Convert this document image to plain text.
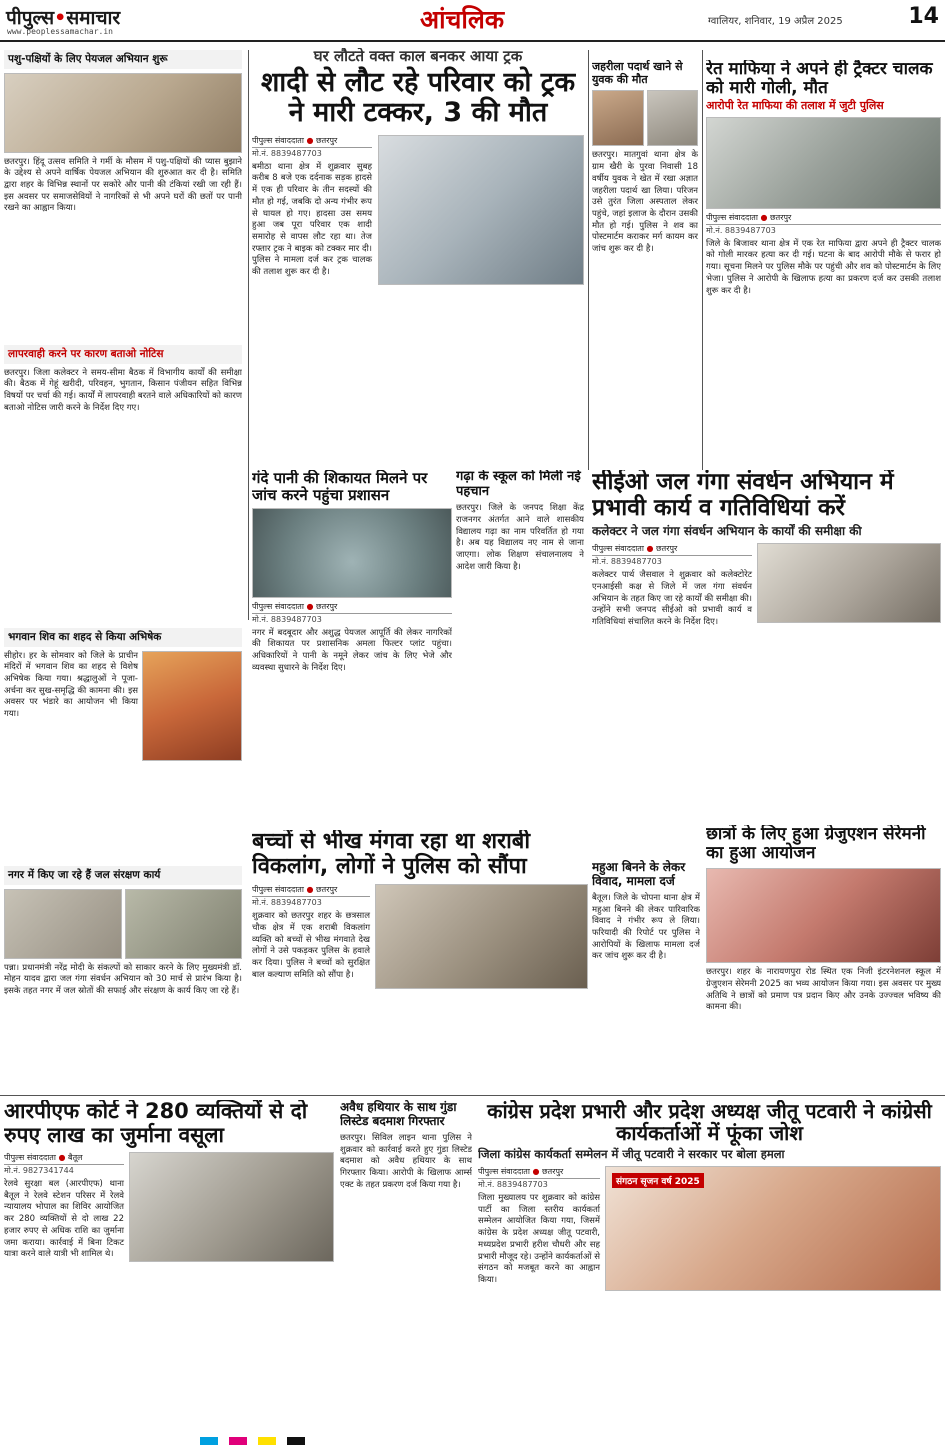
पीपुल्स•समाचार
www.peoplessamachar.in	आंचलिक	ग्वालियर, शनिवार, 19 अप्रैल 2025	14
पशु-पक्षियों के लिए पेयजल अभियान शुरू
छतरपुर। हिंदू उत्सव समिति ने गर्मी के मौसम में पशु-पक्षियों की प्यास बुझाने के उद्देश्य से अपने वार्षिक पेयजल अभियान की शुरुआत कर दी है। समिति द्वारा शहर के विभिन्न स्थानों पर सकोरे और पानी की टंकियां रखी जा रही हैं। इस अवसर पर समाजसेवियों ने नागरिकों से भी अपने घरों की छतों पर पानी रखने का आह्वान किया।
लापरवाही करने पर कारण बताओ नोटिस
छतरपुर। जिला कलेक्टर ने समय-सीमा बैठक में विभागीय कार्यों की समीक्षा की। बैठक में गेहूं खरीदी, परिवहन, भुगतान, किसान पंजीयन सहित विभिन्न विषयों पर चर्चा की गई। कार्यों में लापरवाही बरतने वाले अधिकारियों को कारण बताओ नोटिस जारी करने के निर्देश दिए गए।
भगवान शिव का शहद से किया अभिषेक
सीहोर। हर के सोमवार को जिले के प्राचीन मंदिरों में भगवान शिव का शहद से विशेष अभिषेक किया गया। श्रद्धालुओं ने पूजा-अर्चना कर सुख-समृद्धि की कामना की। इस अवसर पर भंडारे का आयोजन भी किया गया।
नगर में किए जा रहे हैं जल संरक्षण कार्य
पन्ना। प्रधानमंत्री नरेंद्र मोदी के संकल्पों को साकार करने के लिए मुख्यमंत्री डॉ. मोहन यादव द्वारा जल गंगा संवर्धन अभियान को 30 मार्च से प्रारंभ किया है। इसके तहत नगर में जल स्रोतों की सफाई और संरक्षण के कार्य किए जा रहे हैं।
घर लौटते वक्त काल बनकर आया ट्रक
शादी से लौट रहे परिवार को ट्रक ने मारी टक्कर, 3 की मौत
पीपुल्स संवाददाता ● छतरपुर
मो.नं. 8839487703
बमीठा थाना क्षेत्र में शुक्रवार सुबह करीब 8 बजे एक दर्दनाक सड़क हादसे में एक ही परिवार के तीन सदस्यों की मौत हो गई, जबकि दो अन्य गंभीर रूप से घायल हो गए। हादसा उस समय हुआ जब पूरा परिवार एक शादी समारोह से वापस लौट रहा था। तेज रफ्तार ट्रक ने बाइक को टक्कर मार दी। पुलिस ने मामला दर्ज कर ट्रक चालक की तलाश शुरू कर दी है।
जहरीला पदार्थ खाने से युवक की मौत
छतरपुर। मातगुवां थाना क्षेत्र के ग्राम खैरी के पुरवा निवासी 18 वर्षीय युवक ने खेत में रखा अज्ञात जहरीला पदार्थ खा लिया। परिजन उसे तुरंत जिला अस्पताल लेकर पहुंचे, जहां इलाज के दौरान उसकी मौत हो गई। पुलिस ने शव का पोस्टमार्टम कराकर मर्ग कायम कर जांच शुरू कर दी है।
रेत माफिया ने अपने ही ट्रैक्टर चालक को मारी गोली, मौत
आरोपी रेत माफिया की तलाश में जुटी पुलिस
पीपुल्स संवाददाता ● छतरपुर
मो.नं. 8839487703
जिले के बिजावर थाना क्षेत्र में एक रेत माफिया द्वारा अपने ही ट्रैक्टर चालक को गोली मारकर हत्या कर दी गई। घटना के बाद आरोपी मौके से फरार हो गया। सूचना मिलने पर पुलिस मौके पर पहुंची और शव को पोस्टमार्टम के लिए भेजा। पुलिस ने आरोपी के खिलाफ हत्या का प्रकरण दर्ज कर उसकी तलाश शुरू कर दी है।
गंदे पानी की शिकायत मिलने पर जांच करने पहुंचा प्रशासन
पीपुल्स संवाददाता ● छतरपुर
मो.नं. 8839487703
नगर में बदबूदार और अशुद्ध पेयजल आपूर्ति की लेकर नागरिकों की शिकायत पर प्रशासनिक अमला फिल्टर प्लांट पहुंचा। अधिकारियों ने पानी के नमूने लेकर जांच के लिए भेजे और व्यवस्था सुधारने के निर्देश दिए।
गढ़ा के स्कूल को मिली नई पहचान
छतरपुर। जिले के जनपद शिक्षा केंद्र राजनगर अंतर्गत आने वाले शासकीय विद्यालय गढ़ा का नाम परिवर्तित हो गया है। अब यह विद्यालय नए नाम से जाना जाएगा। लोक शिक्षण संचालनालय ने आदेश जारी किया है।
सीईओ जल गंगा संवर्धन अभियान में प्रभावी कार्य व गतिविधियां करें
कलेक्टर ने जल गंगा संवर्धन अभियान के कार्यों की समीक्षा की
पीपुल्स संवाददाता ● छतरपुर
मो.नं. 8839487703
कलेक्टर पार्थ जैसवाल ने शुक्रवार को कलेक्टोरेट एनआईसी कक्ष से जिले में जल गंगा संवर्धन अभियान के तहत किए जा रहे कार्यों की समीक्षा की। उन्होंने सभी जनपद सीईओ को प्रभावी कार्य व गतिविधियां संचालित करने के निर्देश दिए।
बच्चों से भीख मंगवा रहा था शराबी विकलांग, लोगों ने पुलिस को सौंपा
पीपुल्स संवाददाता ● छतरपुर
मो.नं. 8839487703
शुक्रवार को छतरपुर शहर के छत्रसाल चौक क्षेत्र में एक शराबी विकलांग व्यक्ति को बच्चों से भीख मंगवाते देख लोगों ने उसे पकड़कर पुलिस के हवाले कर दिया। पुलिस ने बच्चों को सुरक्षित बाल कल्याण समिति को सौंपा है।
महुआ बिनने के लेकर विवाद, मामला दर्ज
बैतूल। जिले के चोपना थाना क्षेत्र में महुआ बिनने की लेकर पारिवारिक विवाद ने गंभीर रूप ले लिया। फरियादी की रिपोर्ट पर पुलिस ने आरोपियों के खिलाफ मामला दर्ज कर जांच शुरू कर दी है।
छात्रों के लिए हुआ ग्रेजुएशन सेरेमनी का हुआ आयोजन
छतरपुर। शहर के नारायणपुरा रोड स्थित एक निजी इंटरनेशनल स्कूल में ग्रेजुएशन सेरेमनी 2025 का भव्य आयोजन किया गया। इस अवसर पर मुख्य अतिथि ने छात्रों को प्रमाण पत्र प्रदान किए और उनके उज्ज्वल भविष्य की कामना की।
आरपीएफ कोर्ट ने 280 व्यक्तियों से दो रुपए लाख का जुर्माना वसूला
पीपुल्स संवाददाता ● बैतूल
मो.नं. 9827341744
रेलवे सुरक्षा बल (आरपीएफ) थाना बैतूल ने रेलवे स्टेशन परिसर में रेलवे न्यायालय भोपाल का शिविर आयोजित कर 280 व्यक्तियों से दो लाख 22 हजार रुपए से अधिक राशि का जुर्माना जमा कराया। कार्रवाई में बिना टिकट यात्रा करने वाले यात्री भी शामिल थे।
अवैध हथियार के साथ गुंडा लिस्टेड बदमाश गिरफ्तार
छतरपुर। सिविल लाइन थाना पुलिस ने शुक्रवार को कार्रवाई करते हुए गुंडा लिस्टेड बदमाश को अवैध हथियार के साथ गिरफ्तार किया। आरोपी के खिलाफ आर्म्स एक्ट के तहत प्रकरण दर्ज किया गया है।
कांग्रेस प्रदेश प्रभारी और प्रदेश अध्यक्ष जीतू पटवारी ने कांग्रेसी कार्यकर्ताओं में फूंका जोश
जिला कांग्रेस कार्यकर्ता सम्मेलन में जीतू पटवारी ने सरकार पर बोला हमला
पीपुल्स संवाददाता ● छतरपुर
मो.नं. 8839487703
जिला मुख्यालय पर शुक्रवार को कांग्रेस पार्टी का जिला स्तरीय कार्यकर्ता सम्मेलन आयोजित किया गया, जिसमें कांग्रेस के प्रदेश अध्यक्ष जीतू पटवारी, मध्यप्रदेश प्रभारी हरीश चौधरी और सह प्रभारी मौजूद रहे। उन्होंने कार्यकर्ताओं से संगठन को मजबूत करने का आह्वान किया।
संगठन सृजन वर्ष 2025
